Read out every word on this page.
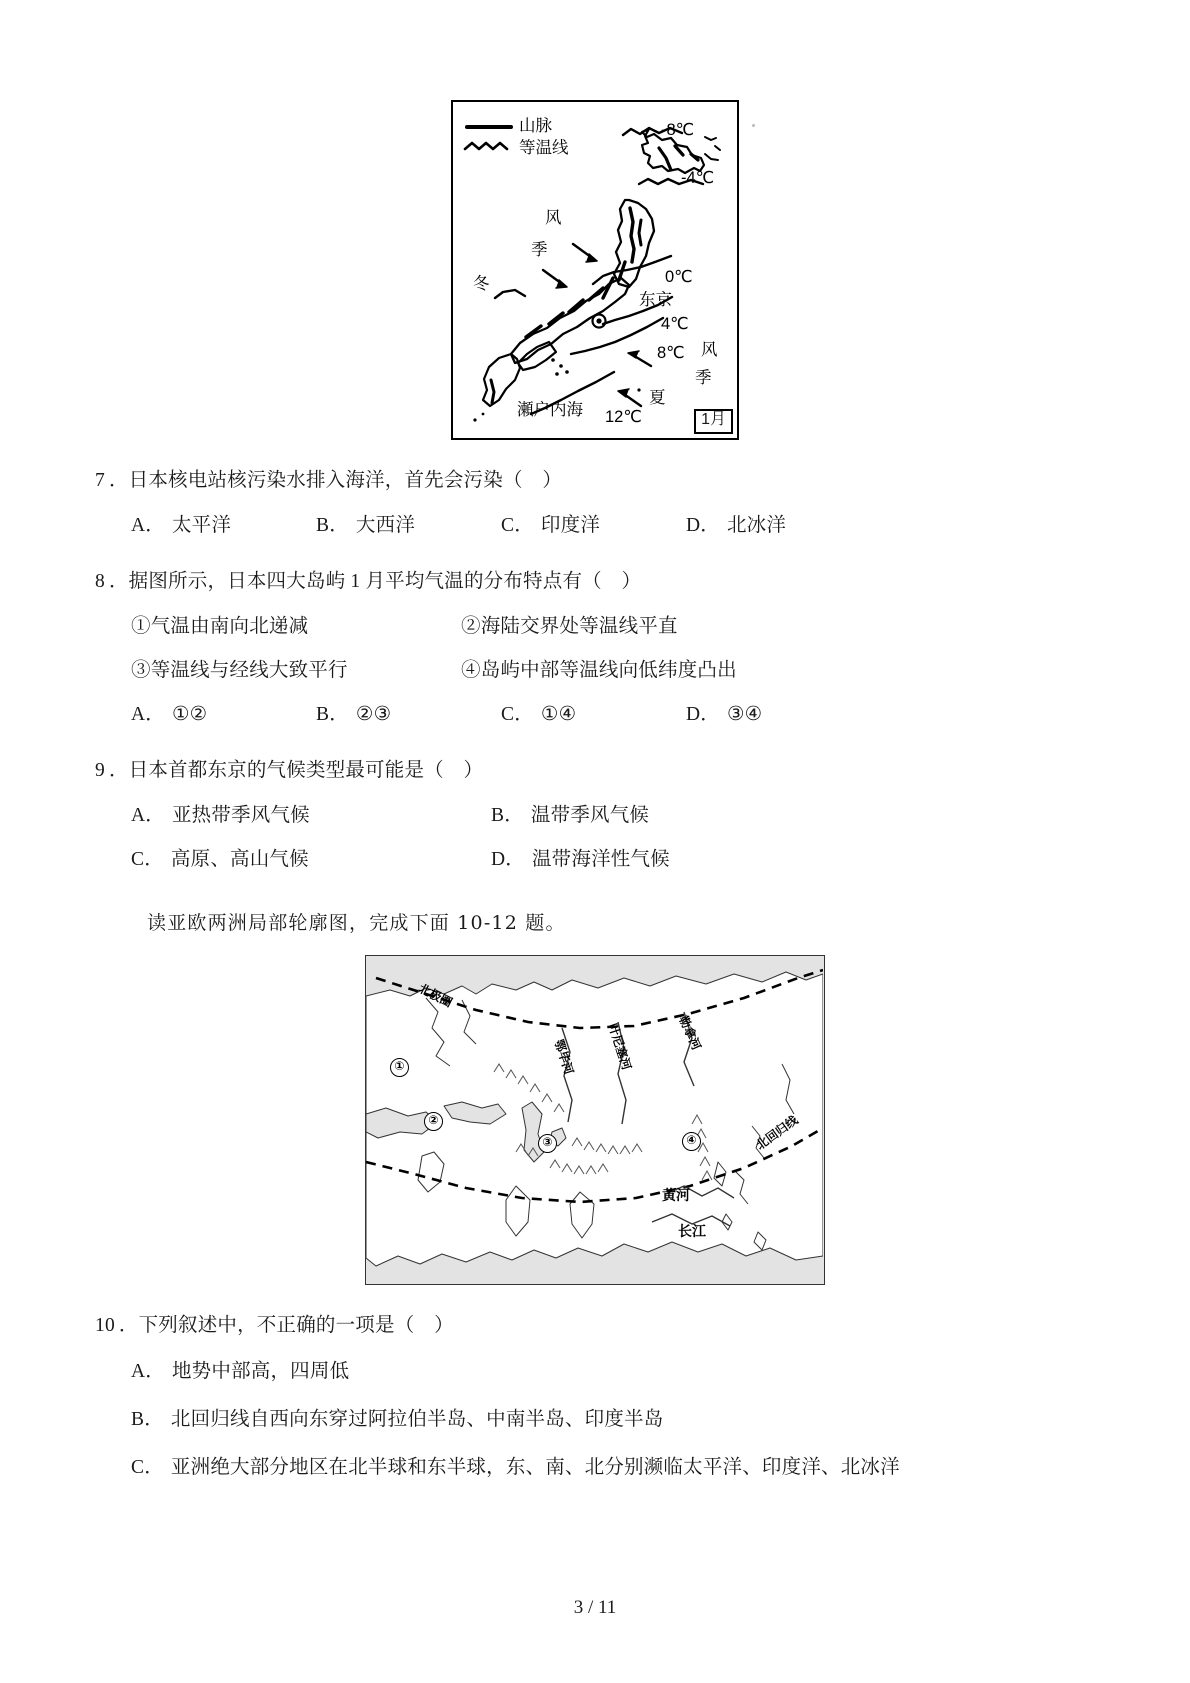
山脉
等温线
-8℃
-4℃
0℃
4℃
8℃
12℃
东京
瀬户内海
风
季
冬
风
季
夏
1月
7 ．日本核电站核污染水排入海洋，首先会污染（　）
A． 太平洋	B． 大西洋	C． 印度洋	D． 北冰洋
8 ．据图所示，日本四大岛屿 1 月平均气温的分布特点有（　）
①气温由南向北递减	②海陆交界处等温线平直
③等温线与经线大致平行	④岛屿中部等温线向低纬度凸出
A． ①②	B． ②③	C． ①④	D． ③④
9 ．日本首都东京的气候类型最可能是（　）
A． 亚热带季风气候	B． 温带季风气候
C． 高原、高山气候	D． 温带海洋性气候
读亚欧两洲局部轮廓图，完成下面 10-12 题。
北极圈
北回归线
鄂毕河 叶尼塞河	勒拿河
黄河
长江
①
②
③	④
10 ．下列叙述中，不正确的一项是（　）
A． 地势中部高，四周低
B． 北回归线自西向东穿过阿拉伯半岛、中南半岛、印度半岛
C． 亚洲绝大部分地区在北半球和东半球，东、南、北分别濒临太平洋、印度洋、北冰洋
3 / 11
